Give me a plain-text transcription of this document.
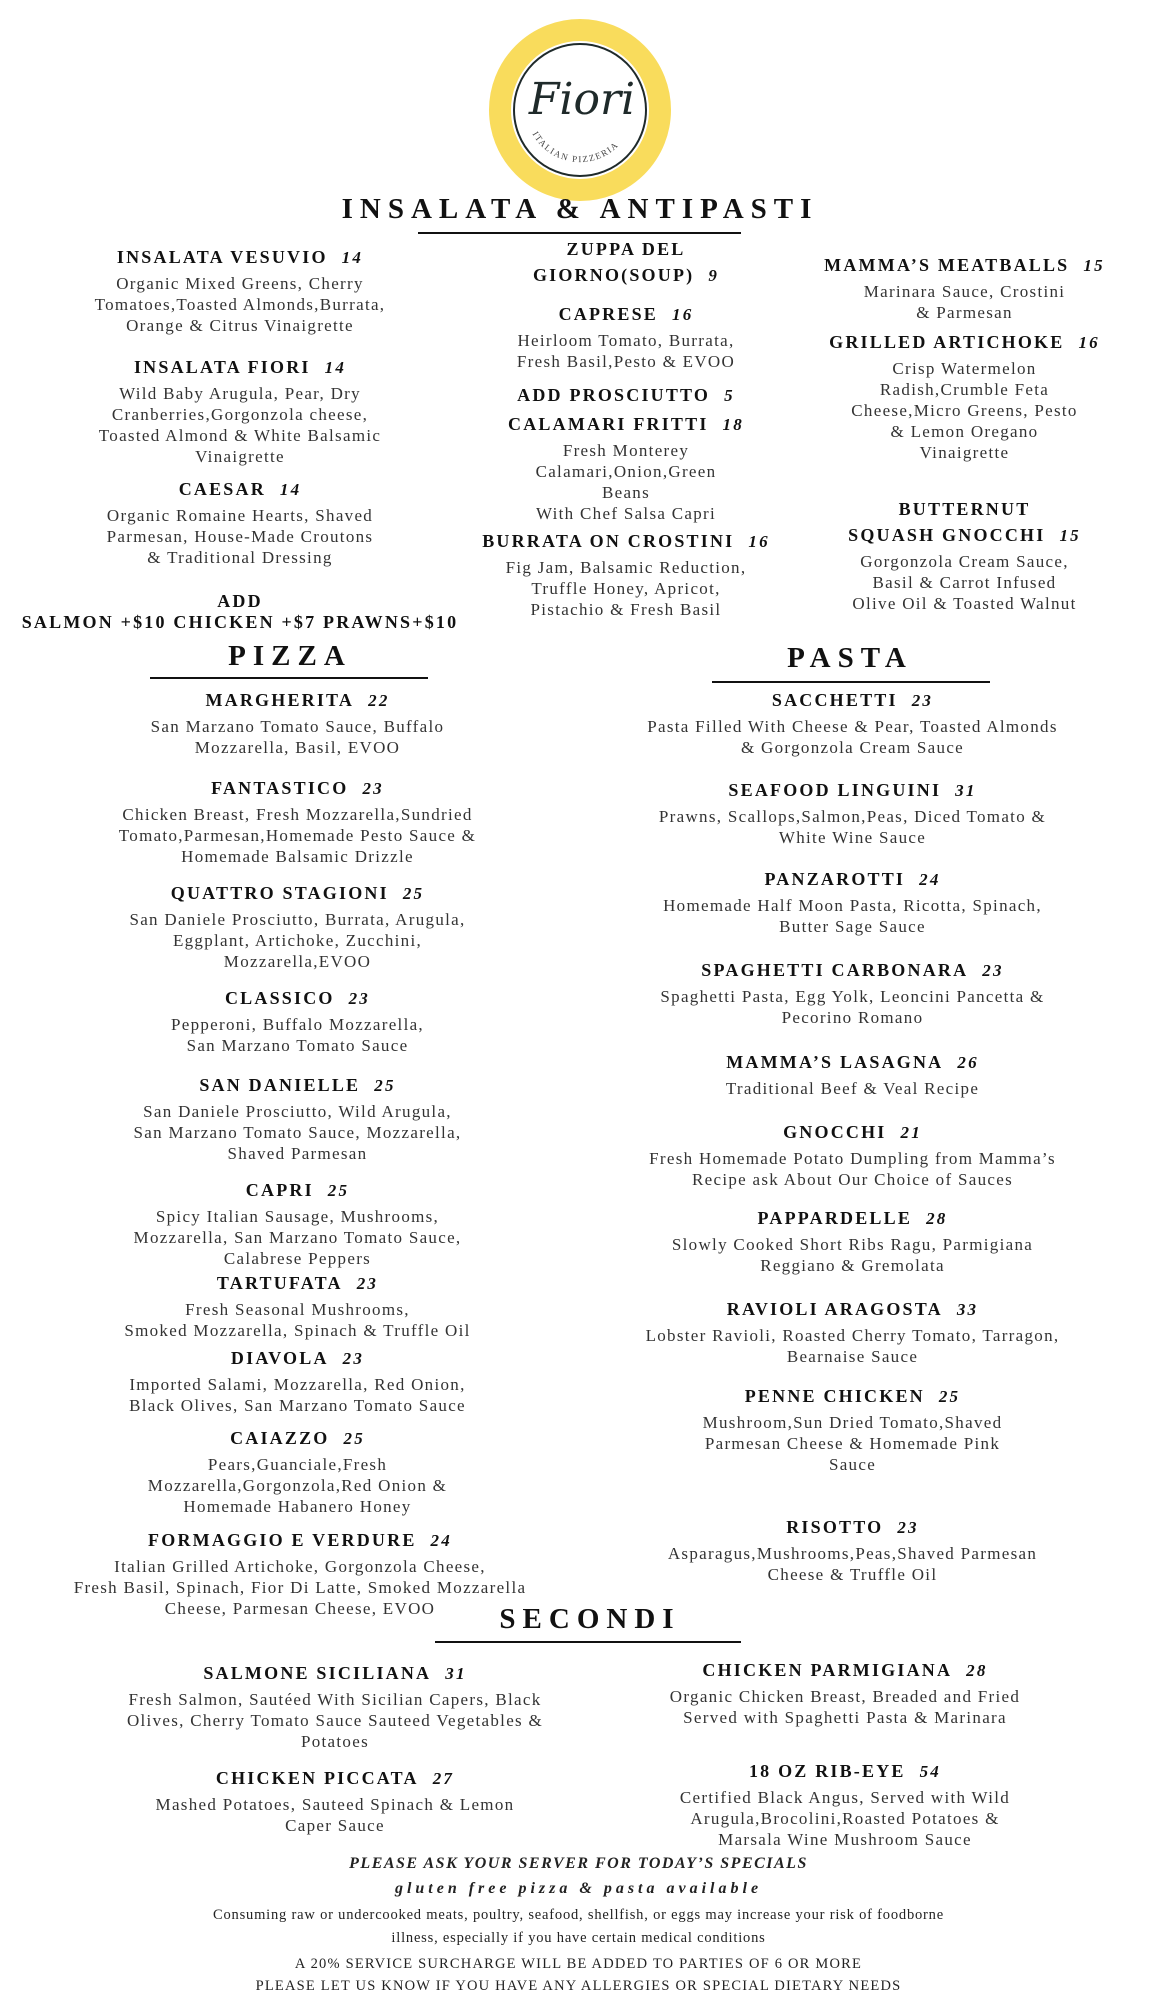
ITALIAN PIZZERIA
Fiori
INSALATA & ANTIPASTI
PIZZA	PASTA
SECONDI
INSALATA VESUVIO 14
Organic Mixed Greens, Cherry
Tomatoes,Toasted Almonds,Burrata,
Orange & Citrus Vinaigrette
INSALATA FIORI 14
Wild Baby Arugula, Pear, Dry
Cranberries,Gorgonzola cheese,
Toasted Almond & White Balsamic
Vinaigrette
CAESAR 14
Organic Romaine Hearts, Shaved
Parmesan, House-Made Croutons
& Traditional Dressing
ADD
SALMON +$10 CHICKEN +$7 PRAWNS+$10
ZUPPA DEL
GIORNO(SOUP) 9
CAPRESE 16
Heirloom Tomato, Burrata,
Fresh Basil,Pesto & EVOO
ADD PROSCIUTTO 5
CALAMARI FRITTI 18
Fresh Monterey
Calamari,Onion,Green
Beans
With Chef Salsa Capri
BURRATA ON CROSTINI 16
Fig Jam, Balsamic Reduction,
Truffle Honey, Apricot,
Pistachio & Fresh Basil
MAMMA’S MEATBALLS 15
Marinara Sauce, Crostini
& Parmesan
GRILLED ARTICHOKE 16
Crisp Watermelon
Radish,Crumble Feta
Cheese,Micro Greens, Pesto
& Lemon Oregano
Vinaigrette
BUTTERNUT
SQUASH GNOCCHI 15
Gorgonzola Cream Sauce,
Basil & Carrot Infused
Olive Oil & Toasted Walnut
MARGHERITA 22
San Marzano Tomato Sauce, Buffalo
Mozzarella, Basil, EVOO
FANTASTICO 23
Chicken Breast, Fresh Mozzarella,Sundried
Tomato,Parmesan,Homemade Pesto Sauce &
Homemade Balsamic Drizzle
QUATTRO STAGIONI 25
San Daniele Prosciutto, Burrata, Arugula,
Eggplant, Artichoke, Zucchini,
Mozzarella,EVOO
CLASSICO 23
Pepperoni, Buffalo Mozzarella,
San Marzano Tomato Sauce
SAN DANIELLE 25
San Daniele Prosciutto, Wild Arugula,
San Marzano Tomato Sauce, Mozzarella,
Shaved Parmesan
CAPRI 25
Spicy Italian Sausage, Mushrooms,
Mozzarella, San Marzano Tomato Sauce,
Calabrese Peppers
TARTUFATA 23
Fresh Seasonal Mushrooms,
Smoked Mozzarella, Spinach & Truffle Oil
DIAVOLA 23
Imported Salami, Mozzarella, Red Onion,
Black Olives, San Marzano Tomato Sauce
CAIAZZO 25
Pears,Guanciale,Fresh
Mozzarella,Gorgonzola,Red Onion &
Homemade Habanero Honey
FORMAGGIO E VERDURE 24
Italian Grilled Artichoke, Gorgonzola Cheese,
Fresh Basil, Spinach, Fior Di Latte, Smoked Mozzarella
Cheese, Parmesan Cheese, EVOO
SACCHETTI 23
Pasta Filled With Cheese & Pear, Toasted Almonds
& Gorgonzola Cream Sauce
SEAFOOD LINGUINI 31
Prawns, Scallops,Salmon,Peas, Diced Tomato &
White Wine Sauce
PANZAROTTI 24
Homemade Half Moon Pasta, Ricotta, Spinach,
Butter Sage Sauce
SPAGHETTI CARBONARA 23
Spaghetti Pasta, Egg Yolk, Leoncini Pancetta &
Pecorino Romano
MAMMA’S LASAGNA 26
Traditional Beef & Veal Recipe
GNOCCHI 21
Fresh Homemade Potato Dumpling from Mamma’s
Recipe ask About Our Choice of Sauces
PAPPARDELLE 28
Slowly Cooked Short Ribs Ragu, Parmigiana
Reggiano & Gremolata
RAVIOLI ARAGOSTA 33
Lobster Ravioli, Roasted Cherry Tomato, Tarragon,
Bearnaise Sauce
PENNE CHICKEN 25
Mushroom,Sun Dried Tomato,Shaved
Parmesan Cheese & Homemade Pink
Sauce
RISOTTO 23
Asparagus,Mushrooms,Peas,Shaved Parmesan
Cheese & Truffle Oil
SALMONE SICILIANA 31
Fresh Salmon, Sautéed With Sicilian Capers, Black
Olives, Cherry Tomato Sauce Sauteed Vegetables &
Potatoes
CHICKEN PICCATA 27
Mashed Potatoes, Sauteed Spinach & Lemon
Caper Sauce
CHICKEN PARMIGIANA 28
Organic Chicken Breast, Breaded and Fried
Served with Spaghetti Pasta & Marinara
18 OZ RIB-EYE 54
Certified Black Angus, Served with Wild
Arugula,Brocolini,Roasted Potatoes &
Marsala Wine Mushroom Sauce
PLEASE ASK YOUR SERVER FOR TODAY’S SPECIALS
gluten free pizza & pasta available
Consuming raw or undercooked meats, poultry, seafood, shellfish, or eggs may increase your risk of foodborne
illness, especially if you have certain medical conditions
A 20% SERVICE SURCHARGE WILL BE ADDED TO PARTIES OF 6 OR MORE
PLEASE LET US KNOW IF YOU HAVE ANY ALLERGIES OR SPECIAL DIETARY NEEDS
